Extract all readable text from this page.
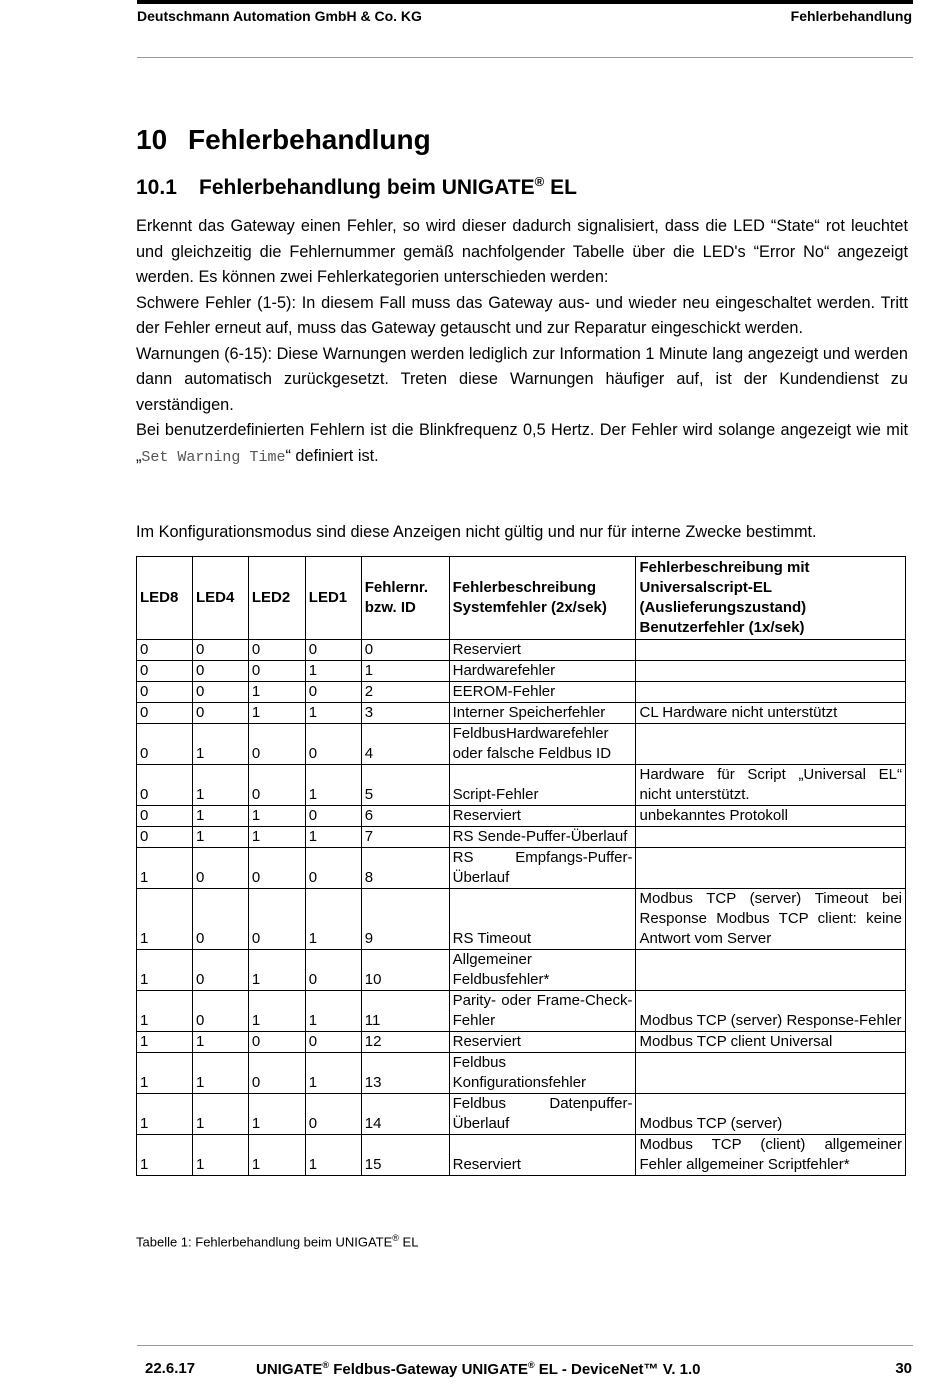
Deutschmann Automation GmbH & Co. KG	Fehlerbehandlung
10 Fehlerbehandlung
10.1 Fehlerbehandlung beim UNIGATE® EL

Erkennt das Gateway einen Fehler, so wird dieser dadurch signalisiert, dass die LED “State“ rot leuchtet und gleichzeitig die Fehlernummer gemäß nachfolgender Tabelle über die LED's “Error No“ angezeigt werden. Es können zwei Fehlerkategorien unterschieden werden:

Schwere Fehler (1-5): In diesem Fall muss das Gateway aus- und wieder neu eingeschaltet werden. Tritt der Fehler erneut auf, muss das Gateway getauscht und zur Reparatur eingeschickt werden.

Warnungen (6-15): Diese Warnungen werden lediglich zur Information 1 Minute lang angezeigt und werden dann automatisch zurückgesetzt. Treten diese Warnungen häufiger auf, ist der Kundendienst zu verständigen.

Bei benutzerdefinierten Fehlern ist die Blinkfrequenz 0,5 Hertz. Der Fehler wird solange angezeigt wie mit „Set Warning Time“ definiert ist.

Im Konfigurationsmodus sind diese Anzeigen nicht gültig und nur für interne Zwecke bestimmt.
LED8	LED4	LED2	LED1	Fehlernr. bzw. ID	Fehlerbeschreibung Systemfehler (2x/sek)	Fehlerbeschreibung mit Universalscript-EL (Auslieferungszustand) Benutzerfehler (1x/sek)
0	0	0	0	0	Reserviert	
0	0	0	1	1	Hardwarefehler	
0	0	1	0	2	EEROM-Fehler	
0	0	1	1	3	Interner Speicherfehler	CL Hardware nicht unterstützt
0	1	0	0	4	FeldbusHardwarefehler oder falsche Feldbus ID	
0	1	0	1	5	Script-Fehler	Hardware für Script „Universal EL“ nicht unterstützt.
0	1	1	0	6	Reserviert	unbekanntes Protokoll
0	1	1	1	7	RS Sende-Puffer-Überlauf	
1	0	0	0	8	RS Empfangs-Puffer-Überlauf	
1	0	0	1	9	RS Timeout	Modbus TCP (server) Timeout bei Response Modbus TCP client: keine Antwort vom Server
1	0	1	0	10	Allgemeiner Feldbusfehler*	
1	0	1	1	11	Parity- oder Frame-Check-Fehler	Modbus TCP (server) Response-Fehler
1	1	0	0	12	Reserviert	Modbus TCP client Universal
1	1	0	1	13	Feldbus Konfigurationsfehler	
1	1	1	0	14	Feldbus Datenpuffer-Überlauf	Modbus TCP (server)
1	1	1	1	15	Reserviert	Modbus TCP (client) allgemeiner Fehler allgemeiner Scriptfehler*
Tabelle 1: Fehlerbehandlung beim UNIGATE® EL
22.6.17	UNIGATE® Feldbus-Gateway UNIGATE® EL - DeviceNet™ V. 1.0	30
